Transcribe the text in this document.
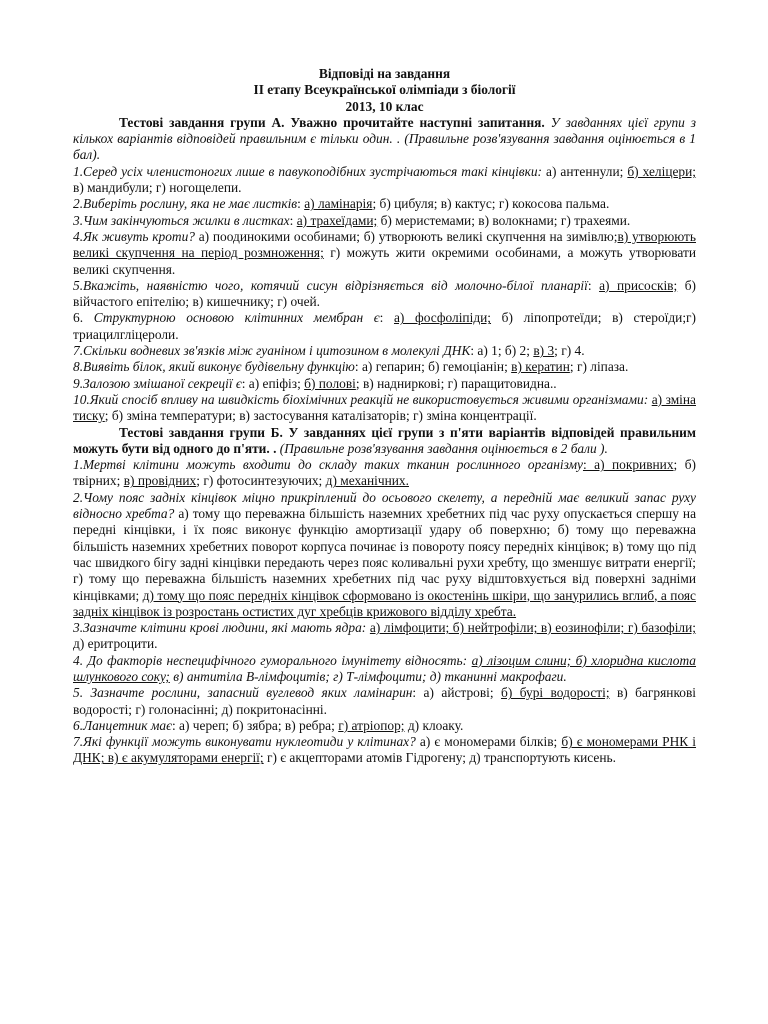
Відповіді на завдання
ІІ етапу Всеукраїнської олімпіади з біології
2013, 10 клас

Тестові завдання групи А. Уважно прочитайте наступні запитання. У завданнях цієї групи з кількох варіантів відповідей правильним є тільки один. . (Правильне розв'язування завдання оцінюється в 1 бал).

1.Серед усіх членистоногих лише в павукоподібних зустрічаються такі кінцівки: а) антеннули; б) хеліцери; в) мандибули; г) ногощелепи.

2.Виберіть рослину, яка не має листків: а) ламінарія; б) цибуля; в) кактус; г) кокосова пальма.

3.Чим закінчуються жилки в листках: а) трахеїдами; б) меристемами; в) волокнами; г) трахеями.

4.Як живуть кроти? а) поодинокими особинами; б) утворюють великі скупчення на зимівлю;в) утворюють великі скупчення на період розмноження; г) можуть жити окремими особинами, а можуть утворювати великі скупчення.

5.Вкажіть, наявністю чого, котячий сисун відрізняється від молочно-білої планарії: а) присосків; б) війчастого епітелію; в) кишечнику; г) очей.

6. Структурною основою клітинних мембран є: а) фосфоліпіди; б) ліпопротеїди; в) стероїди;г) триацилгліцероли.

7.Скільки водневих зв'язків між гуаніном і цитозином в молекулі ДНК: а) 1; б) 2; в) 3; г) 4.

8.Виявіть білок, який виконує будівельну функцію: а) гепарин; б) гемоціанін; в) кератин; г) ліпаза.

9.Залозою змішаної секреції є: а) епіфіз; б) полові; в) надниркові; г) паращитовидна..

10.Який спосіб впливу на швидкість біохімічних реакцій не використовується живими організмами: а) зміна тиску; б) зміна температури; в) застосування каталізаторів; г) зміна концентрації.

Тестові завдання групи Б. У завданнях цієї групи з п'яти варіантів відповідей правильним можуть бути від одного до п'яти. . (Правильне розв'язування завдання оцінюється в 2 бали ).

1.Мертві клітини можуть входити до складу таких тканин рослинного організму: а) покривних; б) твірних; в) провідних; г) фотосинтезуючих; д) механічних.

2.Чому пояс задніх кінцівок міцно прикріплений до осьового скелету, а передній має великий запас руху відносно хребта? а) тому що переважна більшість наземних хребетних під час руху опускається спершу на передні кінцівки, і їх пояс виконує функцію амортизації удару об поверхню; б) тому що переважна більшість наземних хребетних поворот корпуса починає із повороту поясу передніх кінцівок; в) тому що під час швидкого бігу задні кінцівки передають через пояс коливальні рухи хребту, що зменшує витрати енергії; г) тому що переважна більшість наземних хребетних під час руху відштовхується від поверхні задніми кінцівками; д) тому що пояс передніх кінцівок сформовано із окостенінь шкіри, що занурились вглиб, а пояс задніх кінцівок із розростань остистих дуг хребців крижового відділу хребта.

3.Зазначте клітини крові людини, які мають ядра: а) лімфоцити; б) нейтрофіли; в) еозинофіли; г) базофіли; д) еритроцити.

4. До факторів неспецифічного гуморального імунітету відносять: а) лізоцим слини; б) хлоридна кислота шлункового соку; в) антитіла В-лімфоцитів; г) Т-лімфоцити; д) тканинні макрофаги.

5. Зазначте рослини, запасний вуглевод яких ламінарин: а) айстрові; б) бурі водорості; в) багрянкові водорості; г) голонасінні; д) покритонасінні.

6.Ланцетник має: а) череп; б) зябра; в) ребра; г) атріопор; д) клоаку.

7.Які функції можуть виконувати нуклеотиди у клітинах? а) є мономерами білків; б) є мономерами РНК і ДНК; в) є акумуляторами енергії; г) є акцепторами атомів Гідрогену; д) транспортують кисень.
